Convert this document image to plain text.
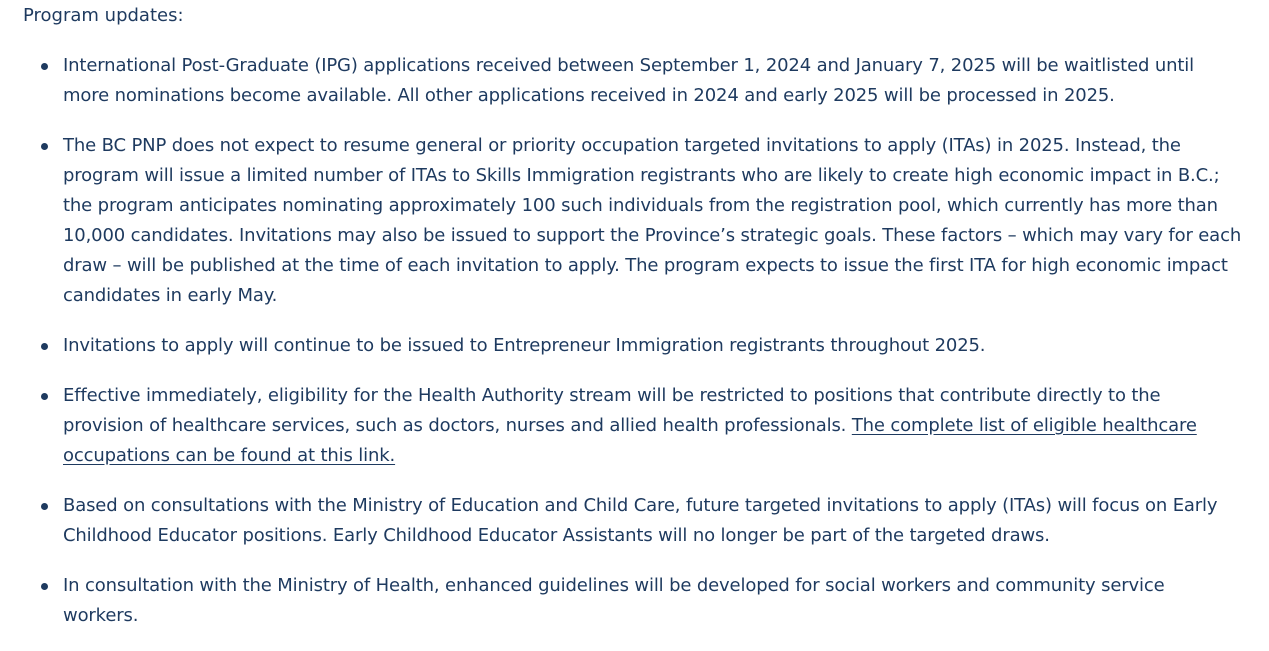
Program updates:

International Post-Graduate (IPG) applications received between September 1, 2024 and January 7, 2025 will be waitlisted until more nominations become available. All other applications received in 2024 and early 2025 will be processed in 2025.
The BC PNP does not expect to resume general or priority occupation targeted invitations to apply (ITAs) in 2025. Instead, the program will issue a limited number of ITAs to Skills Immigration registrants who are likely to create high economic impact in B.C.; the program anticipates nominating approximately 100 such individuals from the registration pool, which currently has more than 10,000 candidates. Invitations may also be issued to support the Province’s strategic goals. These factors – which may vary for each draw – will be published at the time of each invitation to apply. The program expects to issue the first ITA for high economic impact candidates in early May.
Invitations to apply will continue to be issued to Entrepreneur Immigration registrants throughout 2025.
Effective immediately, eligibility for the Health Authority stream will be restricted to positions that contribute directly to the provision of healthcare services, such as doctors, nurses and allied health professionals. The complete list of eligible healthcare occupations can be found at this link.
Based on consultations with the Ministry of Education and Child Care, future targeted invitations to apply (ITAs) will focus on Early Childhood Educator positions. Early Childhood Educator Assistants will no longer be part of the targeted draws.
In consultation with the Ministry of Health, enhanced guidelines will be developed for social workers and community service workers.
